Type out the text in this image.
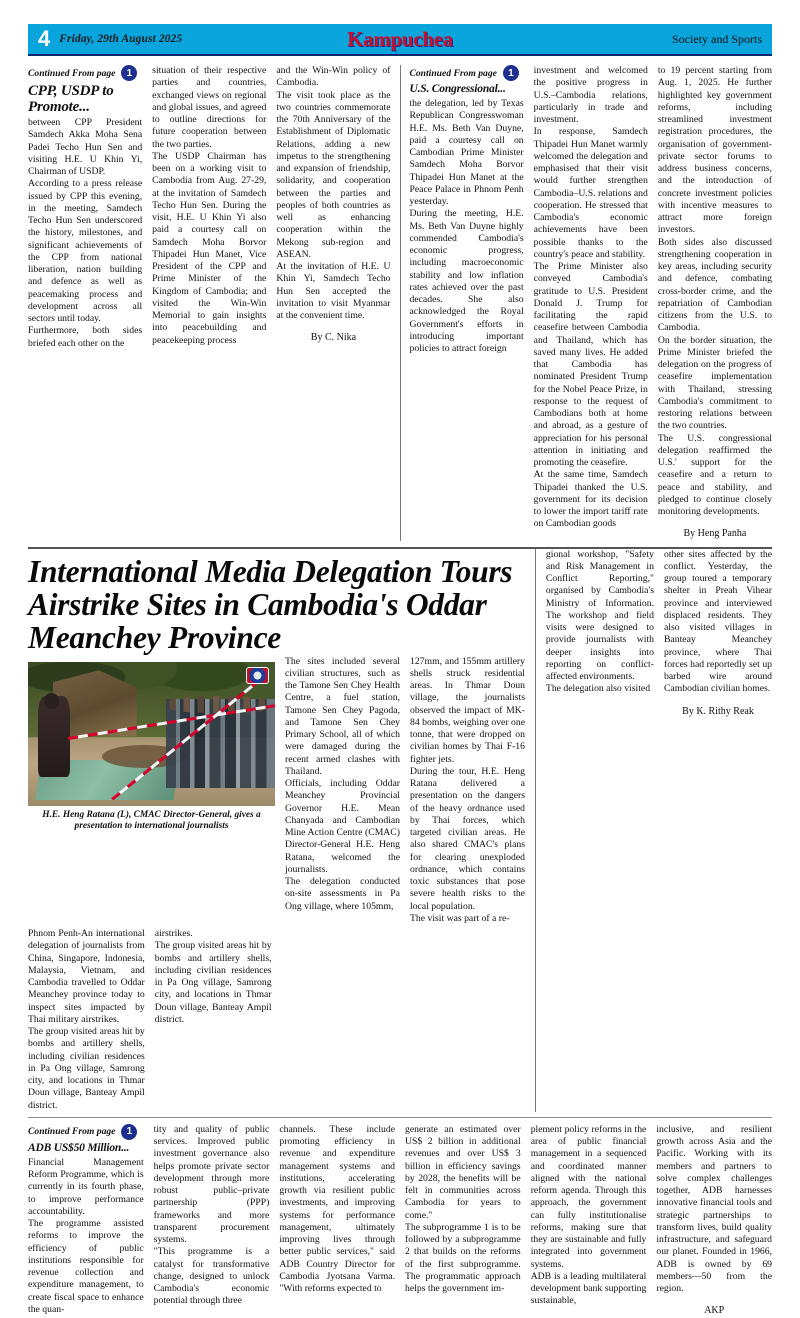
4 Friday, 29th August 2025	Kampuchea	Society and Sports
Continued From page	1
CPP, USDP to Promote...

between CPP President Samdech Akka Moha Sena Padei Techo Hun Sen and visiting H.E. U Khin Yi, Chairman of USDP.
According to a press release issued by CPP this evening, in the meeting, Samdech Techo Hun Sen underscored the history, milestones, and significant achievements of the CPP from national liberation, nation building and defence as well as peacemaking process and development across all sectors until today.
Furthermore, both sides briefed each other on the

situation of their respective parties and countries, exchanged views on regional and global issues, and agreed to outline directions for future cooperation between the two parties.
The USDP Chairman has been on a working visit to Cambodia from Aug. 27-29, at the invitation of Samdech Techo Hun Sen. During the visit, H.E. U Khin Yi also paid a courtesy call on Samdech Moha Borvor Thipadei Hun Manet, Vice President of the CPP and Prime Minister of the Kingdom of Cambodia; and visited the Win-Win Memorial to gain insights into peacebuilding and peacekeeping process

and the Win-Win policy of Cambodia.
The visit took place as the two countries commemorate the 70th Anniversary of the Establishment of Diplomatic Relations, adding a new impetus to the strengthening and expansion of friendship, solidarity, and cooperation between the parties and peoples of both countries as well as enhancing cooperation within the Mekong sub-region and ASEAN.
At the invitation of H.E. U Khin Yi, Samdech Techo Hun Sen accepted the invitation to visit Myanmar at the convenient time.

By C. Nika

Continued From page	1
U.S. Congressional...

the delegation, led by Texas Republican Congresswoman H.E. Ms. Beth Van Duyne, paid a courtesy call on Cambodian Prime Minister Samdech Moha Borvor Thipadei Hun Manet at the Peace Palace in Phnom Penh yesterday.
During the meeting, H.E. Ms. Beth Van Duyne highly commended Cambodia's economic progress, including macroeconomic stability and low inflation rates achieved over the past decades. She also acknowledged the Royal Government's efforts in introducing important policies to attract foreign

investment and welcomed the positive progress in U.S.–Cambodia relations, particularly in trade and investment.
In response, Samdech Thipadei Hun Manet warmly welcomed the delegation and emphasised that their visit would further strengthen Cambodia–U.S. relations and cooperation. He stressed that Cambodia's economic achievements have been possible thanks to the country's peace and stability.
The Prime Minister also conveyed Cambodia's gratitude to U.S. President Donald J. Trump for facilitating the rapid ceasefire between Cambodia and Thailand, which has saved many lives. He added that Cambodia has nominated President Trump for the Nobel Peace Prize, in response to the request of Cambodians both at home and abroad, as a gesture of appreciation for his personal attention in initiating and promoting the ceasefire.
At the same time, Samdech Thipadei thanked the U.S. government for its decision to lower the import tariff rate on Cambodian goods

to 19 percent starting from Aug. 1, 2025. He further highlighted key government reforms, including streamlined investment registration procedures, the organisation of government-private sector forums to address business concerns, and the introduction of concrete investment policies with incentive measures to attract more foreign investors.
Both sides also discussed strengthening cooperation in key areas, including security and defence, combating cross-border crime, and the repatriation of Cambodian citizens from the U.S. to Cambodia.
On the border situation, the Prime Minister briefed the delegation on the progress of ceasefire implementation with Thailand, stressing Cambodia's commitment to restoring relations between the two countries.
The U.S. congressional delegation reaffirmed the U.S.' support for the ceasefire and a return to peace and stability, and pledged to continue closely monitoring developments.

By Heng Panha

International Media Delegation Tours Airstrike Sites in Cambodia's Oddar Meanchey Province

H.E. Heng Ratana (L), CMAC Director-General, gives a presentation to international journalists

The sites included several civilian structures, such as the Tamone Sen Chey Health Centre, a fuel station, Tamone Sen Chey Pagoda, and Tamone Sen Chey Primary School, all of which were damaged during the recent armed clashes with Thailand.
Officials, including Oddar Meanchey Provincial Governor H.E. Mean Chanyada and Cambodian Mine Action Centre (CMAC) Director-General H.E. Heng Ratana, welcomed the journalists.
The delegation conducted on-site assessments in Pa Ong village, where 105mm,

127mm, and 155mm artillery shells struck residential areas. In Thmar Doun village, the journalists observed the impact of MK-84 bombs, weighing over one tonne, that were dropped on civilian homes by Thai F-16 fighter jets.
During the tour, H.E. Heng Ratana delivered a presentation on the dangers of the heavy ordnance used by Thai forces, which targeted civilian areas. He also shared CMAC's plans for clearing unexploded ordnance, which contains toxic substances that pose severe health risks to the local population.
The visit was part of a re-

Phnom Penh-An international delegation of journalists from China, Singapore, Indonesia, Malaysia, Vietnam, and Cambodia travelled to Oddar Meanchey province today to inspect sites impacted by Thai military airstrikes.
The group visited areas hit by bombs and artillery shells, including civilian residences in Pa Ong village, Samrong city, and locations in Thmar Doun village, Banteay Ampil district.

airstrikes.
The group visited areas hit by bombs and artillery shells, including civilian residences in Pa Ong village, Samrong city, and locations in Thmar Doun village, Banteay Ampil district.

gional workshop, "Safety and Risk Management in Conflict Reporting," organised by Cambodia's Ministry of Information. The workshop and field visits were designed to provide journalists with deeper insights into reporting on conflict-affected environments.
The delegation also visited

other sites affected by the conflict. Yesterday, the group toured a temporary shelter in Preah Vihear province and interviewed displaced residents. They also visited villages in Banteay Meanchey province, where Thai forces had reportedly set up barbed wire around Cambodian civilian homes.

By K. Rithy Reak

Continued From page	1
ADB US$50 Million...

Financial Management Reform Programme, which is currently in its fourth phase, to improve performance accountability.
The programme assisted reforms to improve the efficiency of public institutions responsible for revenue collection and expenditure management, to create fiscal space to enhance the quan-

tity and quality of public services. Improved public investment governance also helps promote private sector development through more robust public–private partnership (PPP) frameworks and more transparent procurement systems.
"This programme is a catalyst for transformative change, designed to unlock Cambodia's economic potential through three

channels. These include promoting efficiency in revenue and expenditure management systems and institutions, accelerating growth via resilient public investments, and improving systems for performance management, ultimately improving lives through better public services," said ADB Country Director for Cambodia Jyotsana Varma. "With reforms expected to

generate an estimated over US$ 2 billion in additional revenues and over US$ 3 billion in efficiency savings by 2028, the benefits will be felt in communities across Cambodia for years to come."
The subprogramme 1 is to be followed by a subprogramme 2 that builds on the reforms of the first subprogramme. The programmatic approach helps the government im-

plement policy reforms in the area of public financial management in a sequenced and coordinated manner aligned with the national reform agenda. Through this approach, the government can fully institutionalise reforms, making sure that they are sustainable and fully integrated into government systems.
ADB is a leading multilateral development bank supporting sustainable,

inclusive, and resilient growth across Asia and the Pacific. Working with its members and partners to solve complex challenges together, ADB harnesses innovative financial tools and strategic partnerships to transform lives, build quality infrastructure, and safeguard our planet. Founded in 1966, ADB is owned by 69 members—50 from the region.

AKP
